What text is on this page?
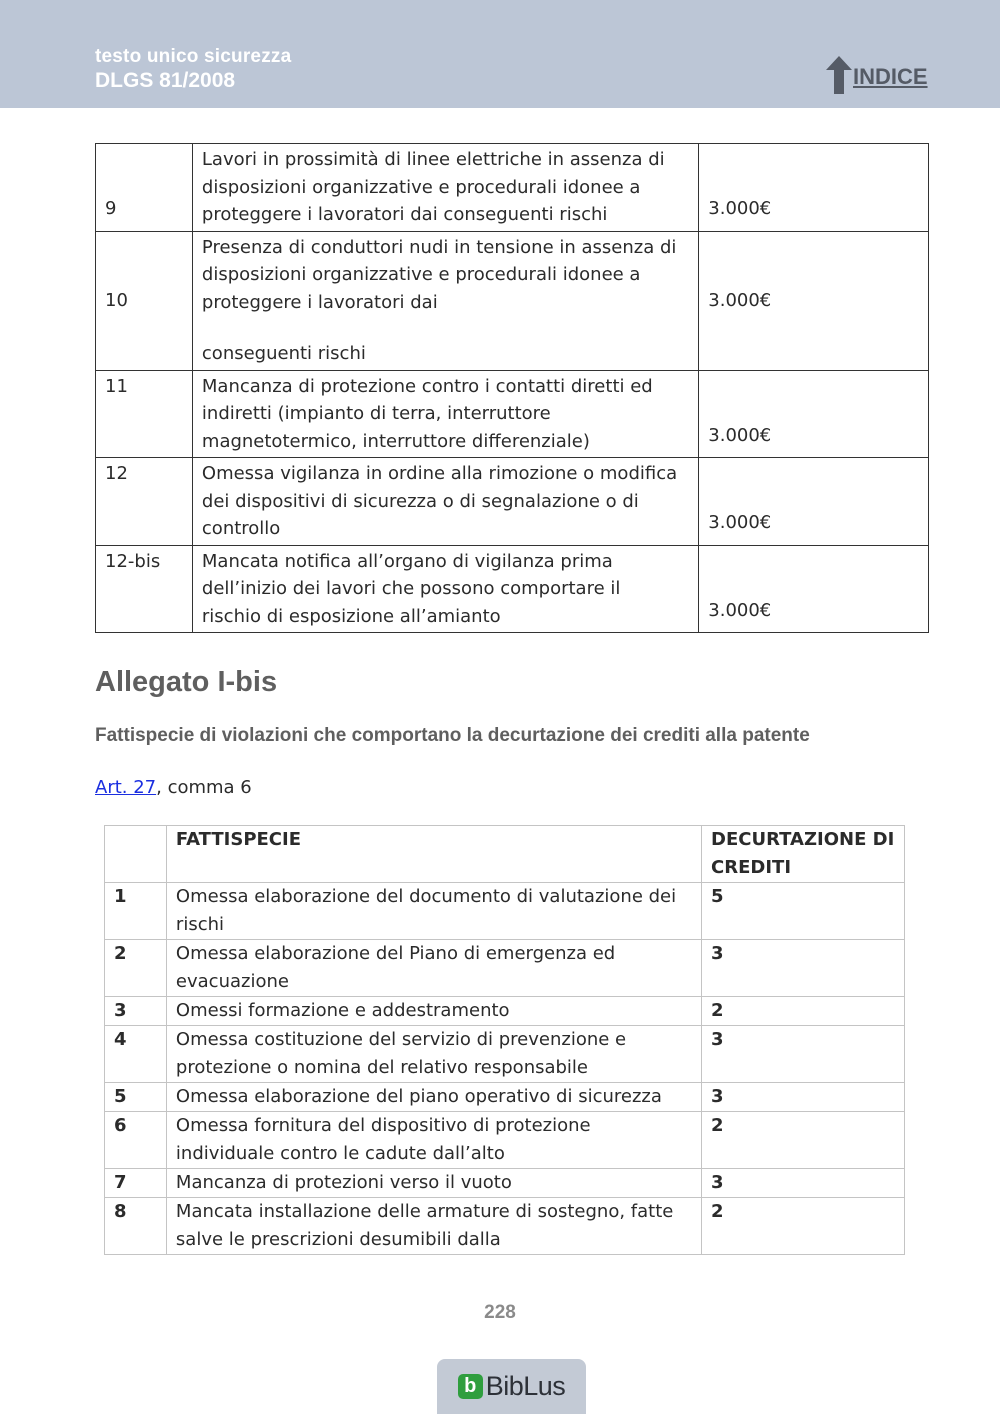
testo unico sicurezza
DLGS 81/2008	INDICE
9	Lavori in prossimità di linee elettriche in assenza di
disposizioni organizzative e procedurali idonee a
proteggere i lavoratori dai conseguenti rischi	3.000€
10	Presenza di conduttori nudi in tensione in assenza di
disposizioni organizzative e procedurali idonee a
proteggere i lavoratori dai
conseguenti rischi	3.000€
11	Mancanza di protezione contro i contatti diretti ed
indiretti (impianto di terra, interruttore
magnetotermico, interruttore differenziale)	3.000€
12	Omessa vigilanza in ordine alla rimozione o modifica
dei dispositivi di sicurezza o di segnalazione o di
controllo	3.000€
12-bis	Mancata notifica all’organo di vigilanza prima
dell’inizio dei lavori che possono comportare il
rischio di esposizione all’amianto	3.000€
Allegato I-bis
Fattispecie di violazioni che comportano la decurtazione dei crediti alla patente

Art. 27, comma 6

	FATTISPECIE	DECURTAZIONE DI CREDITI
1	Omessa elaborazione del documento di valutazione dei rischi	5
2	Omessa elaborazione del Piano di emergenza ed evacuazione	3
3	Omessi formazione e addestramento	2
4	Omessa costituzione del servizio di prevenzione e protezione o nomina del relativo responsabile	3
5	Omessa elaborazione del piano operativo di sicurezza	3
6	Omessa fornitura del dispositivo di protezione individuale contro le cadute dall’alto	2
7	Mancanza di protezioni verso il vuoto	3
8	Mancata installazione delle armature di sostegno, fatte salve le prescrizioni desumibili dalla	2
228
b BibLus
